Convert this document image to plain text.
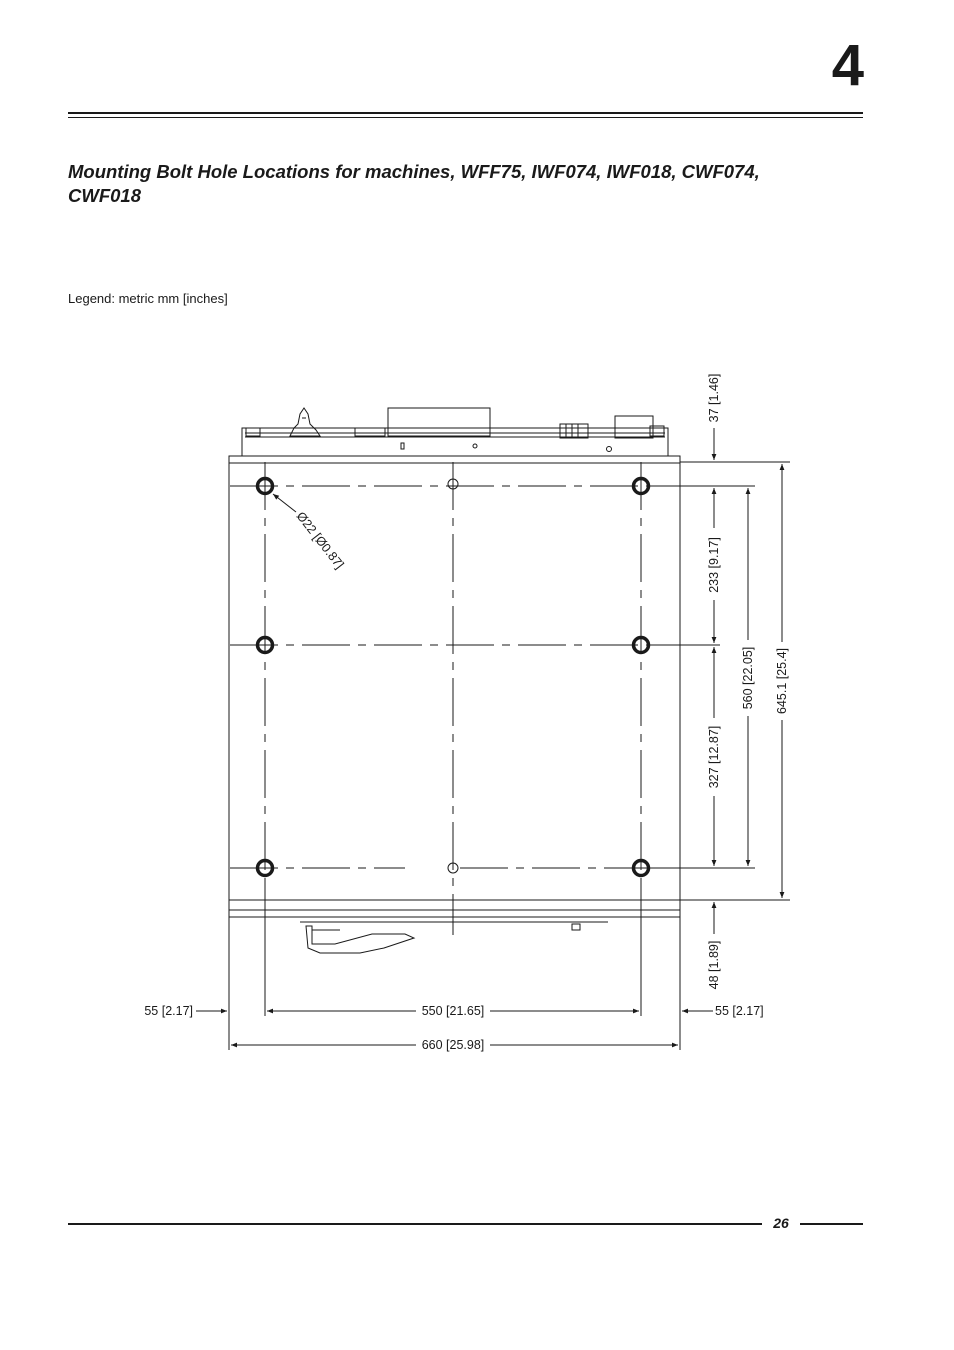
4
Mounting Bolt Hole Locations for machines, WFF75, IWF074, IWF018, CWF074, CWF018
Legend: metric mm [inches]
Ø22 [Ø0.87]
37 [1.46]
233 [9.17]
327 [12.87]
560 [22.05] 645.1 [25.4]
48 [1.89]
55 [2.17]	550 [21.65]	55 [2.17]
660 [25.98]
26
